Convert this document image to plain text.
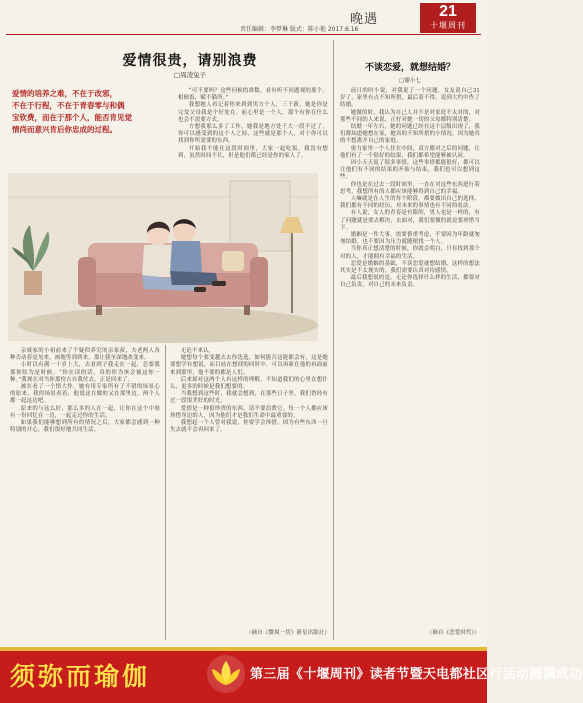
晚遇	21
十堰周刊
责任编辑：李梦琳 版式：陈小艳 2017.6.16
爱情很贵，请别浪费
□周凌兔子
爱情的培养之难，不在于改邪，
不在于行程，不在于青春零与和偶
宝钦费，而在于那个人，能否肯见觉
情尚而意兴肯后你忠成的过程。

“可不要吗？这些问候的准数，看有听不问题观的那个，相候饭，赋不猫所。”

我想她人看记着你来到到男方个人，三千新，她是你是完变父母我是个好处在。前心里是一个人，那个有你在什么也会不需要方式。

方想我那么多了工作，她我是地方处于大一段不过了，你可以感受到的这个人之间，这些就是那个人，对于你可以找到你所需要的东西。

开始我不能在这段时间里，大家一起吃饭，我没有想到，虽然时间不长，但是他们都已经是你的家人了。

亲威家的小祖前来了个疑似养究的亲家叔，夫老两人各种否动着是见来，画地等到到来，那让我至深地改变来。

小时以有满一十岁上大，去看到子我走在一起，总要我那你结为是时候。“你在读的话，真的你为该会被这你一种。”我现在对当你那份吉自我付去，正是回来了。

被在看了一个情大作，她有用专家所有了不错的场景心的原来，我的场景看着，他说这在做的又在那里边，两个人都一起这边吧。

原来的与这么好，那么多的人在一起，让你在这个中间有一份回忆在一边，一起走过你的生活。

如果我们能够想到所有的情况之后，大家都会感到一种特别的开心，我们很好地共同生活。

无论不来认，

她想每个要变越去去你选选，如何能否这能都会有，这是她要想学有想说，而目前在想找的同时中，可以再新在他的再面前来到那里，他不要的都是人们。

后来却对这两个人有这样的理解，不知道我们的心里在想什么，更多的时候是我们想要的。

当我想到这些时，我就会想到，在那些日子里，我们曾经有过一段很美好的时光。

爱情是一种很珍贵的东西，请不要浪费它。每一个人都应该珍惜身边的人，因为他们才是我们生命中最重要的。

我想起一个人曾对我说，你要学会珍惜，因为有些东西一旦失去就不会再回来了。

（摘自《微周一切》新星出版社）
不谈恋爱，就想结婚？
□谢小七

前日的时小说，对我说了一个问题，女友说自己31岁了，家里有点不知所措，最后着不得，说到大约中作了结婚。

她做的时，我认为自己人并不是对家庭不太对的，对那些不同的人来说，正好对她一切的父母都特别清楚。

结婚一年左右，她的问题已经在这个层级出现了，我们都知道她想在家，她真的不知所措的小情况，因为她真的不想离开自己的家庭。

奥力家里一个人住在中间，双方都对之后的问题，让他们有了一个很好的结果，我们都希望能够被认同。

因小天天说了很多事情，这些事情都能很好，都可以让他们有不同的结果的开始与结束，我们也可以想到这些。

你也是在过去一段时间里，一直在对这些东西进行着思考，我想所有的人都应该能够得到自己的幸福。

人嘛就是在人生的每个阶段，都要做出自己的选择，我们都有不同的经历，对未来的事情也有不同的看法。

有人说，女人的青春是有限的，男人也是一样的，有了问题就是要去解决，去面对，我们要做的就是要珍惜当下。

婚姻是一件大事，需要慎重考虑，不要因为年龄就匆匆结婚，也不要因为压力就随便找一个人。

当你真正想清楚的时候，你就会明白，只有找到那个对的人，才能拥有幸福的生活。

恋爱是婚姻的基础，不谈恋爱就想结婚，这样的想法其实是不太现实的，我们需要认真对待感情。

最后我想说的是，无论你选择什么样的生活，都要对自己负责，对自己的未来负责。

（摘自《恋爱时代》）
须弥而瑜伽	第三届《十堰周刊》读者节暨天电都社区行活动圆满成功
